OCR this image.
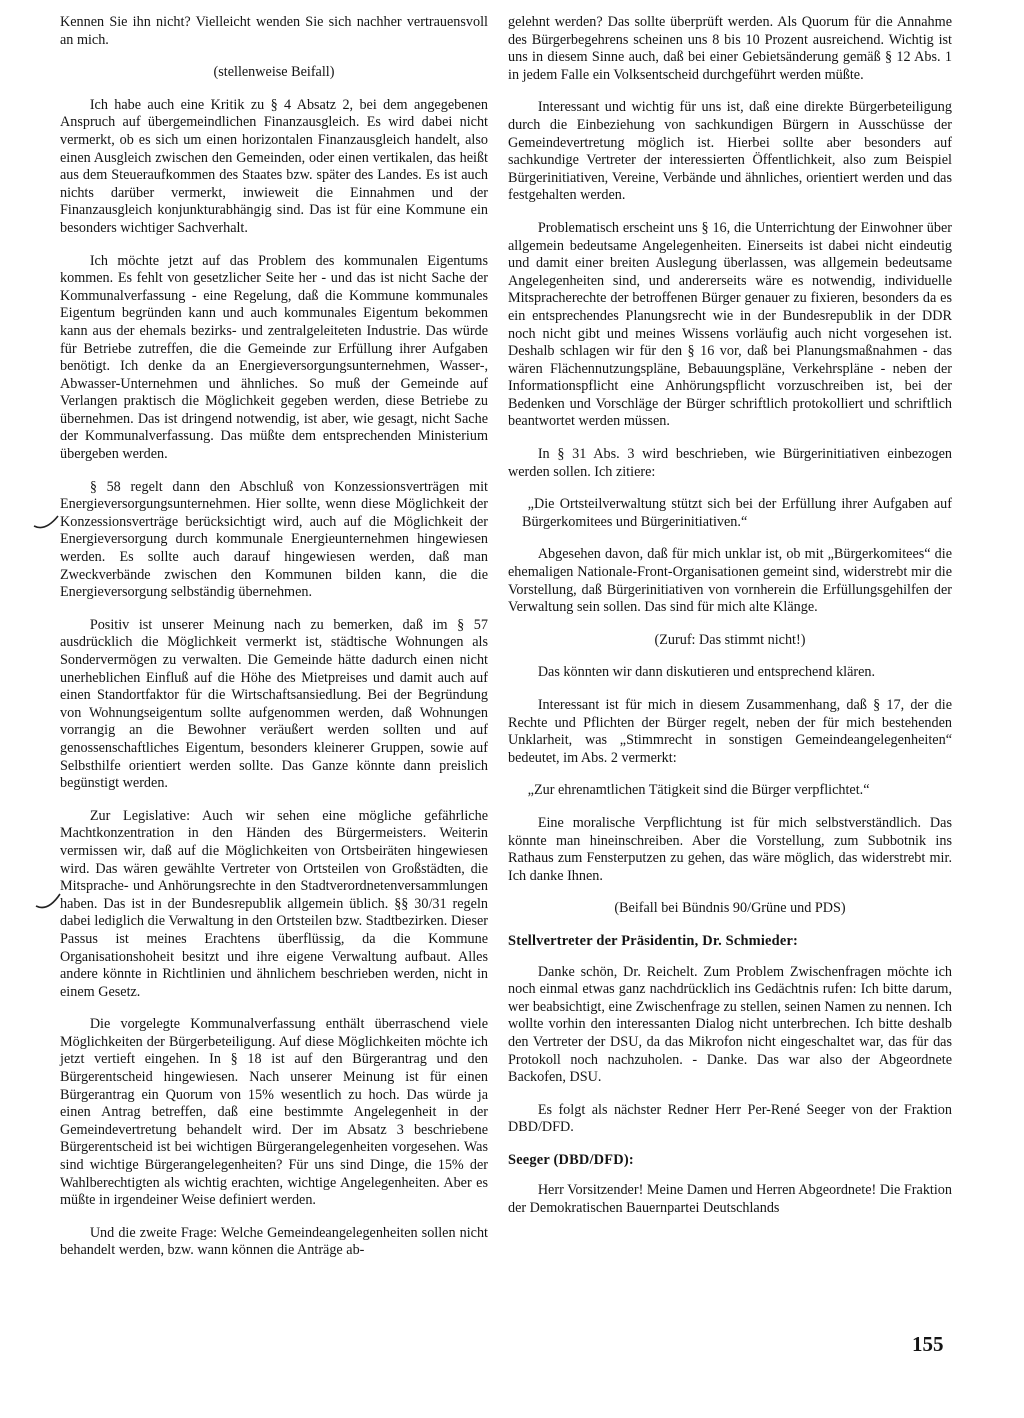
Kennen Sie ihn nicht? Vielleicht wenden Sie sich nachher vertrauensvoll an mich.

(stellenweise Beifall)

Ich habe auch eine Kritik zu § 4 Absatz 2, bei dem angegebenen Anspruch auf übergemeindlichen Finanzausgleich. Es wird dabei nicht vermerkt, ob es sich um einen horizontalen Finanzausgleich handelt, also einen Ausgleich zwischen den Gemeinden, oder einen vertikalen, das heißt aus dem Steueraufkommen des Staates bzw. später des Landes. Es ist auch nichts darüber vermerkt, inwieweit die Einnahmen und der Finanzausgleich konjunkturabhängig sind. Das ist für eine Kommune ein besonders wichtiger Sachverhalt.

Ich möchte jetzt auf das Problem des kommunalen Eigentums kommen. Es fehlt von gesetzlicher Seite her - und das ist nicht Sache der Kommunalverfassung - eine Regelung, daß die Kommune kommunales Eigentum begründen kann und auch kommunales Eigentum bekommen kann aus der ehemals bezirks- und zentralgeleiteten Industrie. Das würde für Betriebe zutreffen, die die Gemeinde zur Erfüllung ihrer Aufgaben benötigt. Ich denke da an Energieversorgungsunternehmen, Wasser-, Abwasser-Unternehmen und ähnliches. So muß der Gemeinde auf Verlangen praktisch die Möglichkeit gegeben werden, diese Betriebe zu übernehmen. Das ist dringend notwendig, ist aber, wie gesagt, nicht Sache der Kommunalverfassung. Das müßte dem entsprechenden Ministerium übergeben werden.

§ 58 regelt dann den Abschluß von Konzessionsverträgen mit Energieversorgungsunternehmen. Hier sollte, wenn diese Möglichkeit der Konzessionsverträge berücksichtigt wird, auch auf die Möglichkeit der Energieversorgung durch kommunale Energieunternehmen hingewiesen werden. Es sollte auch darauf hingewiesen werden, daß man Zweckverbände zwischen den Kommunen bilden kann, die die Energieversorgung selbständig übernehmen.

Positiv ist unserer Meinung nach zu bemerken, daß im § 57 ausdrücklich die Möglichkeit vermerkt ist, städtische Wohnungen als Sondervermögen zu verwalten. Die Gemeinde hätte dadurch einen nicht unerheblichen Einfluß auf die Höhe des Mietpreises und damit auch auf einen Standortfaktor für die Wirtschaftsansiedlung. Bei der Begründung von Wohnungseigentum sollte aufgenommen werden, daß Wohnungen vorrangig an die Bewohner veräußert werden sollten und auf genossenschaftliches Eigentum, besonders kleinerer Gruppen, sowie auf Selbsthilfe orientiert werden sollte. Das Ganze könnte dann preislich begünstigt werden.

Zur Legislative: Auch wir sehen eine mögliche gefährliche Machtkonzentration in den Händen des Bürgermeisters. Weiterin vermissen wir, daß auf die Möglichkeiten von Ortsbeiräten hingewiesen wird. Das wären gewählte Vertreter von Ortsteilen von Großstädten, die Mitsprache- und Anhörungsrechte in den Stadtverordnetenversammlungen haben. Das ist in der Bundesrepublik allgemein üblich. §§ 30/31 regeln dabei lediglich die Verwaltung in den Ortsteilen bzw. Stadtbezirken. Dieser Passus ist meines Erachtens überflüssig, da die Kommune Organisationshoheit besitzt und ihre eigene Verwaltung aufbaut. Alles andere könnte in Richtlinien und ähnlichem beschrieben werden, nicht in einem Gesetz.

Die vorgelegte Kommunalverfassung enthält überraschend viele Möglichkeiten der Bürgerbeteiligung. Auf diese Möglichkeiten möchte ich jetzt vertieft eingehen. In § 18 ist auf den Bürgerantrag und den Bürgerentscheid hingewiesen. Nach unserer Meinung ist für einen Bürgerantrag ein Quorum von 15% wesentlich zu hoch. Das würde ja einen Antrag betreffen, daß eine bestimmte Angelegenheit in der Gemeindevertretung behandelt wird. Der im Absatz 3 beschriebene Bürgerentscheid ist bei wichtigen Bürgerangelegenheiten vorgesehen. Was sind wichtige Bürgerangelegenheiten? Für uns sind Dinge, die 15% der Wahlberechtigten als wichtig erachten, wichtige Angelegenheiten. Aber es müßte in irgendeiner Weise definiert werden.

Und die zweite Frage: Welche Gemeindeangelegenheiten sollen nicht behandelt werden, bzw. wann können die Anträge ab-

gelehnt werden? Das sollte überprüft werden. Als Quorum für die Annahme des Bürgerbegehrens scheinen uns 8 bis 10 Prozent ausreichend. Wichtig ist uns in diesem Sinne auch, daß bei einer Gebietsänderung gemäß § 12 Abs. 1 in jedem Falle ein Volksentscheid durchgeführt werden müßte.

Interessant und wichtig für uns ist, daß eine direkte Bürgerbeteiligung durch die Einbeziehung von sachkundigen Bürgern in Ausschüsse der Gemeindevertretung möglich ist. Hierbei sollte aber besonders auf sachkundige Vertreter der interessierten Öffentlichkeit, also zum Beispiel Bürgerinitiativen, Vereine, Verbände und ähnliches, orientiert werden und das festgehalten werden.

Problematisch erscheint uns § 16, die Unterrichtung der Einwohner über allgemein bedeutsame Angelegenheiten. Einerseits ist dabei nicht eindeutig und damit einer breiten Auslegung überlassen, was allgemein bedeutsame Angelegenheiten sind, und andererseits wäre es notwendig, individuelle Mitspracherechte der betroffenen Bürger genauer zu fixieren, besonders da es ein entsprechendes Planungsrecht wie in der Bundesrepublik in der DDR noch nicht gibt und meines Wissens vorläufig auch nicht vorgesehen ist. Deshalb schlagen wir für den § 16 vor, daß bei Planungsmaßnahmen - das wären Flächennutzungspläne, Bebauungspläne, Verkehrspläne - neben der Informationspflicht eine Anhörungspflicht vorzuschreiben ist, bei der Bedenken und Vorschläge der Bürger schriftlich protokolliert und schriftlich beantwortet werden müssen.

In § 31 Abs. 3 wird beschrieben, wie Bürgerinitiativen einbezogen werden sollen. Ich zitiere:

„Die Ortsteilverwaltung stützt sich bei der Erfüllung ihrer Aufgaben auf Bürgerkomitees und Bürgerinitiativen.“

Abgesehen davon, daß für mich unklar ist, ob mit „Bürgerkomitees“ die ehemaligen Nationale-Front-Organisationen gemeint sind, widerstrebt mir die Vorstellung, daß Bürgerinitiativen von vornherein die Erfüllungsgehilfen der Verwaltung sein sollen. Das sind für mich alte Klänge.

(Zuruf: Das stimmt nicht!)

Das könnten wir dann diskutieren und entsprechend klären.

Interessant ist für mich in diesem Zusammenhang, daß § 17, der die Rechte und Pflichten der Bürger regelt, neben der für mich bestehenden Unklarheit, was „Stimmrecht in sonstigen Gemeindeangelegenheiten“ bedeutet, im Abs. 2 vermerkt:

„Zur ehrenamtlichen Tätigkeit sind die Bürger verpflichtet.“

Eine moralische Verpflichtung ist für mich selbstverständlich. Das könnte man hineinschreiben. Aber die Vorstellung, zum Subbotnik ins Rathaus zum Fensterputzen zu gehen, das wäre möglich, das widerstrebt mir. Ich danke Ihnen.

(Beifall bei Bündnis 90/Grüne und PDS)

Stellvertreter der Präsidentin, Dr. Schmieder:

Danke schön, Dr. Reichelt. Zum Problem Zwischenfragen möchte ich noch einmal etwas ganz nachdrücklich ins Gedächtnis rufen: Ich bitte darum, wer beabsichtigt, eine Zwischenfrage zu stellen, seinen Namen zu nennen. Ich wollte vorhin den interessanten Dialog nicht unterbrechen. Ich bitte deshalb den Vertreter der DSU, da das Mikrofon nicht eingeschaltet war, das für das Protokoll noch nachzuholen. - Danke. Das war also der Abgeordnete Backofen, DSU.

Es folgt als nächster Redner Herr Per-René Seeger von der Fraktion DBD/DFD.

Seeger (DBD/DFD):

Herr Vorsitzender! Meine Damen und Herren Abgeordnete! Die Fraktion der Demokratischen Bauernpartei Deutschlands

155
